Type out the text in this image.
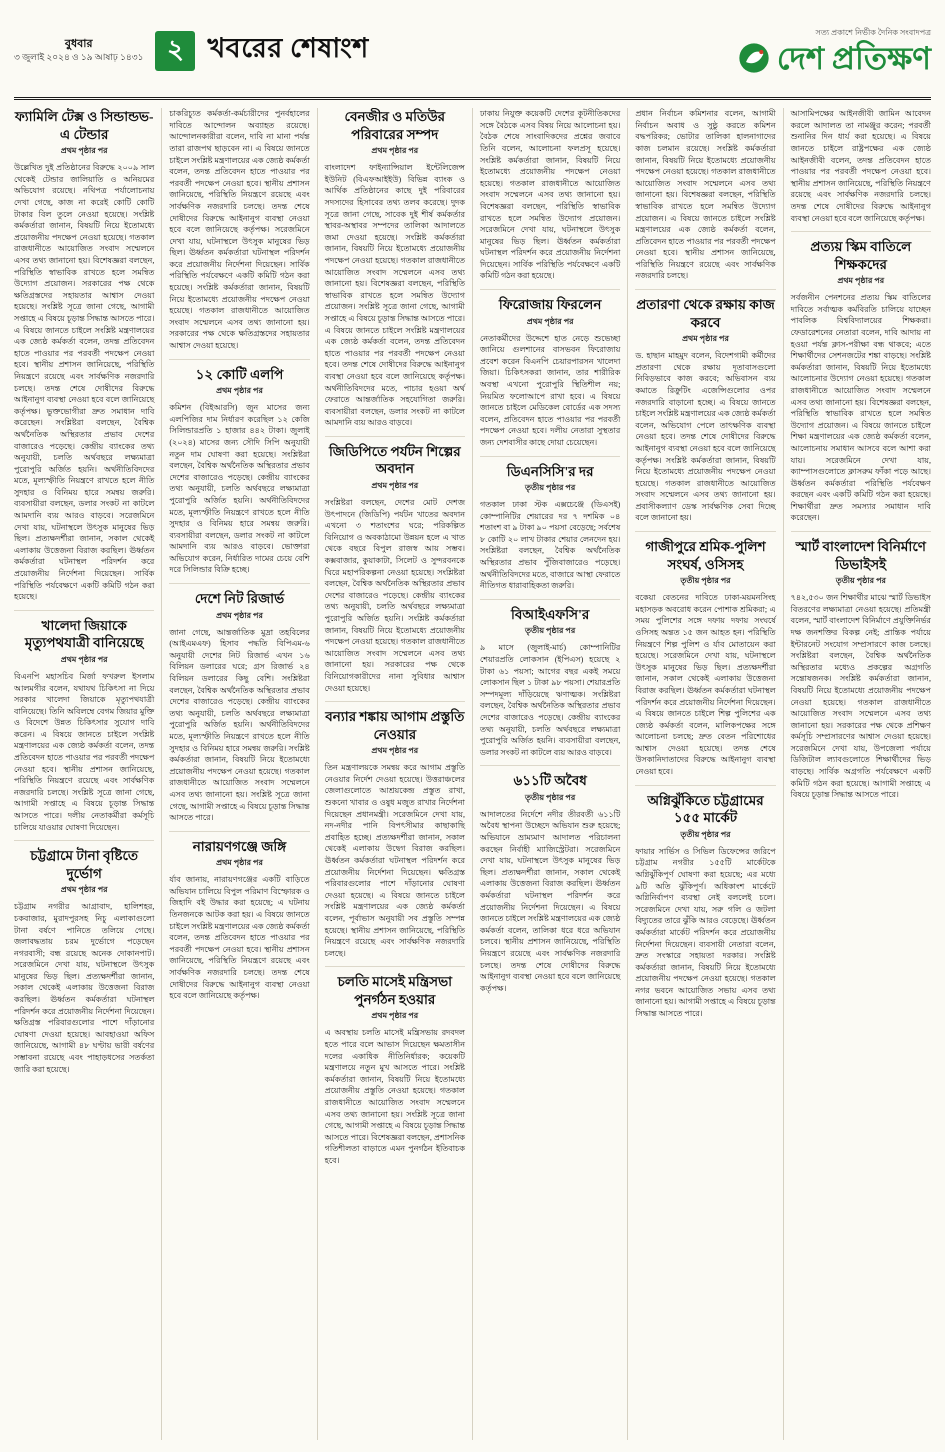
বুধবার
৩ জুলাই ২০২৪ ও ১৯ আষাঢ় ১৪৩১ ২ খবরের শেষাংশ
সত্য প্রকাশে নির্ভীক দৈনিক সংবাদপত্র
দেশ প্রতিক্ষণ
ফ্যামিলি টেক্স ও সিন্ডান্ডভ-এ টেন্ডার
প্রথম পৃষ্ঠার পর

উল্লেখিত দুই প্রতিষ্ঠানের বিরুদ্ধে ২০০৯ সাল থেকেই টেন্ডার জালিয়াতি ও অনিয়মের অভিযোগ রয়েছে। নথিপত্র পর্যালোচনায় দেখা গেছে, কাজ না করেই কোটি কোটি টাকার বিল তুলে নেওয়া হয়েছে। সংশ্লিষ্ট কর্মকর্তারা জানান, বিষয়টি নিয়ে ইতোমধ্যে প্রয়োজনীয় পদক্ষেপ নেওয়া হয়েছে। গতকাল রাজধানীতে আয়োজিত সংবাদ সম্মেলনে এসব তথ্য জানানো হয়। বিশেষজ্ঞরা বলছেন, পরিস্থিতি স্বাভাবিক রাখতে হলে সমন্বিত উদ্যোগ প্রয়োজন। সরকারের পক্ষ থেকে ক্ষতিগ্রস্তদের সহায়তার আশ্বাস দেওয়া হয়েছে। সংশ্লিষ্ট সূত্রে জানা গেছে, আগামী সপ্তাহে এ বিষয়ে চূড়ান্ত সিদ্ধান্ত আসতে পারে। এ বিষয়ে জানতে চাইলে সংশ্লিষ্ট মন্ত্রণালয়ের এক জ্যেষ্ঠ কর্মকর্তা বলেন, তদন্ত প্রতিবেদন হাতে পাওয়ার পর পরবর্তী পদক্ষেপ নেওয়া হবে। স্থানীয় প্রশাসন জানিয়েছে, পরিস্থিতি নিয়ন্ত্রণে রয়েছে এবং সার্বক্ষণিক নজরদারি চলছে। তদন্ত শেষে দোষীদের বিরুদ্ধে আইনানুগ ব্যবস্থা নেওয়া হবে বলে জানিয়েছে কর্তৃপক্ষ। ভুক্তভোগীরা দ্রুত সমাধান দাবি করেছেন। সংশ্লিষ্টরা বলছেন, বৈশ্বিক অর্থনৈতিক অস্থিরতার প্রভাব দেশের বাজারেও পড়েছে। কেন্দ্রীয় ব্যাংকের তথ্য অনুযায়ী, চলতি অর্থবছরে লক্ষ্যমাত্রা পুরোপুরি অর্জিত হয়নি। অর্থনীতিবিদদের মতে, মূল্যস্ফীতি নিয়ন্ত্রণে রাখতে হলে নীতি সুদহার ও বিনিময় হারে সমন্বয় জরুরি। ব্যবসায়ীরা বলছেন, ডলার সংকট না কাটলে আমদানি ব্যয় আরও বাড়বে। সরেজমিনে দেখা যায়, ঘটনাস্থলে উৎসুক মানুষের ভিড় ছিল। প্রত্যক্ষদর্শীরা জানান, সকাল থেকেই এলাকায় উত্তেজনা বিরাজ করছিল। ঊর্ধ্বতন কর্মকর্তারা ঘটনাস্থল পরিদর্শন করে প্রয়োজনীয় নির্দেশনা দিয়েছেন। সার্বিক পরিস্থিতি পর্যবেক্ষণে একটি কমিটি গঠন করা হয়েছে।

খালেদা জিয়াকে মৃত্যুপথযাত্রী বানিয়েছে
প্রথম পৃষ্ঠার পর

বিএনপি মহাসচিব মির্জা ফখরুল ইসলাম আলমগীর বলেন, যথাযথ চিকিৎসা না দিয়ে সরকার খালেদা জিয়াকে মৃত্যুপথযাত্রী বানিয়েছে। তিনি অবিলম্বে বেগম জিয়ার মুক্তি ও বিদেশে উন্নত চিকিৎসার সুযোগ দাবি করেন। এ বিষয়ে জানতে চাইলে সংশ্লিষ্ট মন্ত্রণালয়ের এক জ্যেষ্ঠ কর্মকর্তা বলেন, তদন্ত প্রতিবেদন হাতে পাওয়ার পর পরবর্তী পদক্ষেপ নেওয়া হবে। স্থানীয় প্রশাসন জানিয়েছে, পরিস্থিতি নিয়ন্ত্রণে রয়েছে এবং সার্বক্ষণিক নজরদারি চলছে। সংশ্লিষ্ট সূত্রে জানা গেছে, আগামী সপ্তাহে এ বিষয়ে চূড়ান্ত সিদ্ধান্ত আসতে পারে। দলীয় নেতাকর্মীরা কর্মসূচি চালিয়ে যাওয়ার ঘোষণা দিয়েছেন।

চট্টগ্রামে টানা বৃষ্টিতে দুর্ভোগ
প্রথম পৃষ্ঠার পর

চট্টগ্রাম নগরীর আগ্রাবাদ, হালিশহর, চকবাজার, মুরাদপুরসহ নিচু এলাকাগুলো টানা বর্ষণে পানিতে তলিয়ে গেছে। জলাবদ্ধতায় চরম দুর্ভোগে পড়েছেন নগরবাসী; বন্ধ রয়েছে অনেক দোকানপাট। সরেজমিনে দেখা যায়, ঘটনাস্থলে উৎসুক মানুষের ভিড় ছিল। প্রত্যক্ষদর্শীরা জানান, সকাল থেকেই এলাকায় উত্তেজনা বিরাজ করছিল। ঊর্ধ্বতন কর্মকর্তারা ঘটনাস্থল পরিদর্শন করে প্রয়োজনীয় নির্দেশনা দিয়েছেন। ক্ষতিগ্রস্ত পরিবারগুলোর পাশে দাঁড়ানোর ঘোষণা দেওয়া হয়েছে। আবহাওয়া অফিস জানিয়েছে, আগামী ৪৮ ঘণ্টায় ভারী বর্ষণের সম্ভাবনা রয়েছে এবং পাহাড়ধসের সতর্কতা জারি করা হয়েছে।

চাকরিচ্যুত কর্মকর্তা-কর্মচারীদের পুনর্বহালের দাবিতে আন্দোলন অব্যাহত রয়েছে। আন্দোলনকারীরা বলেন, দাবি না মানা পর্যন্ত তারা রাজপথ ছাড়বেন না। এ বিষয়ে জানতে চাইলে সংশ্লিষ্ট মন্ত্রণালয়ের এক জ্যেষ্ঠ কর্মকর্তা বলেন, তদন্ত প্রতিবেদন হাতে পাওয়ার পর পরবর্তী পদক্ষেপ নেওয়া হবে। স্থানীয় প্রশাসন জানিয়েছে, পরিস্থিতি নিয়ন্ত্রণে রয়েছে এবং সার্বক্ষণিক নজরদারি চলছে। তদন্ত শেষে দোষীদের বিরুদ্ধে আইনানুগ ব্যবস্থা নেওয়া হবে বলে জানিয়েছে কর্তৃপক্ষ। সরেজমিনে দেখা যায়, ঘটনাস্থলে উৎসুক মানুষের ভিড় ছিল। ঊর্ধ্বতন কর্মকর্তারা ঘটনাস্থল পরিদর্শন করে প্রয়োজনীয় নির্দেশনা দিয়েছেন। সার্বিক পরিস্থিতি পর্যবেক্ষণে একটি কমিটি গঠন করা হয়েছে। সংশ্লিষ্ট কর্মকর্তারা জানান, বিষয়টি নিয়ে ইতোমধ্যে প্রয়োজনীয় পদক্ষেপ নেওয়া হয়েছে। গতকাল রাজধানীতে আয়োজিত সংবাদ সম্মেলনে এসব তথ্য জানানো হয়। সরকারের পক্ষ থেকে ক্ষতিগ্রস্তদের সহায়তার আশ্বাস দেওয়া হয়েছে।

১২ কোটি এলপি
প্রথম পৃষ্ঠার পর

কমিশন (বিইআরসি) জুন মাসের জন্য এলপিজির দাম নির্ধারণ করেছিল ১২ কেজি সিলিন্ডারপ্রতি ১ হাজার ৪৪২ টাকা। জুলাই (২০২৪) মাসের জন্য সৌদি সিপি অনুযায়ী নতুন দাম ঘোষণা করা হয়েছে। সংশ্লিষ্টরা বলছেন, বৈশ্বিক অর্থনৈতিক অস্থিরতার প্রভাব দেশের বাজারেও পড়েছে। কেন্দ্রীয় ব্যাংকের তথ্য অনুযায়ী, চলতি অর্থবছরে লক্ষ্যমাত্রা পুরোপুরি অর্জিত হয়নি। অর্থনীতিবিদদের মতে, মূল্যস্ফীতি নিয়ন্ত্রণে রাখতে হলে নীতি সুদহার ও বিনিময় হারে সমন্বয় জরুরি। ব্যবসায়ীরা বলছেন, ডলার সংকট না কাটলে আমদানি ব্যয় আরও বাড়বে। ভোক্তারা অভিযোগ করেন, নির্ধারিত দামের চেয়ে বেশি দরে সিলিন্ডার বিক্রি হচ্ছে।

দেশে নিট রিজার্ভ
প্রথম পৃষ্ঠার পর

জানা গেছে, আন্তর্জাতিক মুদ্রা তহবিলের (আইএমএফ) হিসাব পদ্ধতি বিপিএম-৬ অনুযায়ী দেশের নিট রিজার্ভ এখন ১৬ বিলিয়ন ডলারের ঘরে; গ্রস রিজার্ভ ২৪ বিলিয়ন ডলারের কিছু বেশি। সংশ্লিষ্টরা বলছেন, বৈশ্বিক অর্থনৈতিক অস্থিরতার প্রভাব দেশের বাজারেও পড়েছে। কেন্দ্রীয় ব্যাংকের তথ্য অনুযায়ী, চলতি অর্থবছরে লক্ষ্যমাত্রা পুরোপুরি অর্জিত হয়নি। অর্থনীতিবিদদের মতে, মূল্যস্ফীতি নিয়ন্ত্রণে রাখতে হলে নীতি সুদহার ও বিনিময় হারে সমন্বয় জরুরি। সংশ্লিষ্ট কর্মকর্তারা জানান, বিষয়টি নিয়ে ইতোমধ্যে প্রয়োজনীয় পদক্ষেপ নেওয়া হয়েছে। গতকাল রাজধানীতে আয়োজিত সংবাদ সম্মেলনে এসব তথ্য জানানো হয়। সংশ্লিষ্ট সূত্রে জানা গেছে, আগামী সপ্তাহে এ বিষয়ে চূড়ান্ত সিদ্ধান্ত আসতে পারে।

নারায়ণগঞ্জে জঙ্গি
প্রথম পৃষ্ঠার পর

র্যাব জানায়, নারায়ণগঞ্জের একটি বাড়িতে অভিযান চালিয়ে বিপুল পরিমাণ বিস্ফোরক ও জিহাদি বই উদ্ধার করা হয়েছে; এ ঘটনায় তিনজনকে আটক করা হয়। এ বিষয়ে জানতে চাইলে সংশ্লিষ্ট মন্ত্রণালয়ের এক জ্যেষ্ঠ কর্মকর্তা বলেন, তদন্ত প্রতিবেদন হাতে পাওয়ার পর পরবর্তী পদক্ষেপ নেওয়া হবে। স্থানীয় প্রশাসন জানিয়েছে, পরিস্থিতি নিয়ন্ত্রণে রয়েছে এবং সার্বক্ষণিক নজরদারি চলছে। তদন্ত শেষে দোষীদের বিরুদ্ধে আইনানুগ ব্যবস্থা নেওয়া হবে বলে জানিয়েছে কর্তৃপক্ষ।

বেনজীর ও মতিউর পরিবারের সম্পদ
প্রথম পৃষ্ঠার পর

বাংলাদেশ ফাইন্যান্সিয়াল ইন্টেলিজেন্স ইউনিট (বিএফআইইউ) বিভিন্ন ব্যাংক ও আর্থিক প্রতিষ্ঠানের কাছে দুই পরিবারের সদস্যদের হিসাবের তথ্য তলব করেছে। দুদক সূত্রে জানা গেছে, সাবেক দুই শীর্ষ কর্মকর্তার স্থাবর-অস্থাবর সম্পদের তালিকা আদালতে জমা দেওয়া হয়েছে। সংশ্লিষ্ট কর্মকর্তারা জানান, বিষয়টি নিয়ে ইতোমধ্যে প্রয়োজনীয় পদক্ষেপ নেওয়া হয়েছে। গতকাল রাজধানীতে আয়োজিত সংবাদ সম্মেলনে এসব তথ্য জানানো হয়। বিশেষজ্ঞরা বলছেন, পরিস্থিতি স্বাভাবিক রাখতে হলে সমন্বিত উদ্যোগ প্রয়োজন। সংশ্লিষ্ট সূত্রে জানা গেছে, আগামী সপ্তাহে এ বিষয়ে চূড়ান্ত সিদ্ধান্ত আসতে পারে। এ বিষয়ে জানতে চাইলে সংশ্লিষ্ট মন্ত্রণালয়ের এক জ্যেষ্ঠ কর্মকর্তা বলেন, তদন্ত প্রতিবেদন হাতে পাওয়ার পর পরবর্তী পদক্ষেপ নেওয়া হবে। তদন্ত শেষে দোষীদের বিরুদ্ধে আইনানুগ ব্যবস্থা নেওয়া হবে বলে জানিয়েছে কর্তৃপক্ষ। অর্থনীতিবিদদের মতে, পাচার হওয়া অর্থ ফেরাতে আন্তর্জাতিক সহযোগিতা জরুরি। ব্যবসায়ীরা বলছেন, ডলার সংকট না কাটলে আমদানি ব্যয় আরও বাড়বে।

জিডিপিতে পর্যটন শিল্পের অবদান
প্রথম পৃষ্ঠার পর

সংশ্লিষ্টরা বলছেন, দেশের মোট দেশজ উৎপাদনে (জিডিপি) পর্যটন খাতের অবদান এখনো ৩ শতাংশের ঘরে; পরিকল্পিত বিনিয়োগ ও অবকাঠামো উন্নয়ন হলে এ খাত থেকে বছরে বিপুল রাজস্ব আয় সম্ভব। কক্সবাজার, কুয়াকাটা, সিলেট ও সুন্দরবনকে ঘিরে মহাপরিকল্পনা নেওয়া হয়েছে। সংশ্লিষ্টরা বলছেন, বৈশ্বিক অর্থনৈতিক অস্থিরতার প্রভাব দেশের বাজারেও পড়েছে। কেন্দ্রীয় ব্যাংকের তথ্য অনুযায়ী, চলতি অর্থবছরে লক্ষ্যমাত্রা পুরোপুরি অর্জিত হয়নি। সংশ্লিষ্ট কর্মকর্তারা জানান, বিষয়টি নিয়ে ইতোমধ্যে প্রয়োজনীয় পদক্ষেপ নেওয়া হয়েছে। গতকাল রাজধানীতে আয়োজিত সংবাদ সম্মেলনে এসব তথ্য জানানো হয়। সরকারের পক্ষ থেকে বিনিয়োগকারীদের নানা সুবিধার আশ্বাস দেওয়া হয়েছে।

বন্যার শঙ্কায় আগাম প্রস্তুতি নেওয়ার
প্রথম পৃষ্ঠার পর

তিন মন্ত্রণালয়কে সমন্বয় করে আগাম প্রস্তুতি নেওয়ার নির্দেশ দেওয়া হয়েছে। উত্তরাঞ্চলের জেলাগুলোতে আশ্রয়কেন্দ্র প্রস্তুত রাখা, শুকনো খাবার ও ওষুধ মজুত রাখার নির্দেশনা দিয়েছেন প্রধানমন্ত্রী। সরেজমিনে দেখা যায়, নদ-নদীর পানি বিপৎসীমার কাছাকাছি প্রবাহিত হচ্ছে। প্রত্যক্ষদর্শীরা জানান, সকাল থেকেই এলাকায় উদ্বেগ বিরাজ করছিল। ঊর্ধ্বতন কর্মকর্তারা ঘটনাস্থল পরিদর্শন করে প্রয়োজনীয় নির্দেশনা দিয়েছেন। ক্ষতিগ্রস্ত পরিবারগুলোর পাশে দাঁড়ানোর ঘোষণা দেওয়া হয়েছে। এ বিষয়ে জানতে চাইলে সংশ্লিষ্ট মন্ত্রণালয়ের এক জ্যেষ্ঠ কর্মকর্তা বলেন, পূর্বাভাস অনুযায়ী সব প্রস্তুতি সম্পন্ন হয়েছে। স্থানীয় প্রশাসন জানিয়েছে, পরিস্থিতি নিয়ন্ত্রণে রয়েছে এবং সার্বক্ষণিক নজরদারি চলছে।

চলতি মাসেই মন্ত্রিসভা পুনর্গঠন হওয়ার
প্রথম পৃষ্ঠার পর

এ অবস্থায় চলতি মাসেই মন্ত্রিসভায় রদবদল হতে পারে বলে আভাস দিয়েছেন ক্ষমতাসীন দলের একাধিক নীতিনির্ধারক; কয়েকটি মন্ত্রণালয়ে নতুন মুখ আসতে পারে। সংশ্লিষ্ট কর্মকর্তারা জানান, বিষয়টি নিয়ে ইতোমধ্যে প্রয়োজনীয় প্রস্তুতি নেওয়া হয়েছে। গতকাল রাজধানীতে আয়োজিত সংবাদ সম্মেলনে এসব তথ্য জানানো হয়। সংশ্লিষ্ট সূত্রে জানা গেছে, আগামী সপ্তাহে এ বিষয়ে চূড়ান্ত সিদ্ধান্ত আসতে পারে। বিশেষজ্ঞরা বলছেন, প্রশাসনিক গতিশীলতা বাড়াতে এমন পুনর্গঠন ইতিবাচক হবে।

ঢাকায় নিযুক্ত কয়েকটি দেশের কূটনীতিকদের সঙ্গে বৈঠকে এসব বিষয় নিয়ে আলোচনা হয়। বৈঠক শেষে সাংবাদিকদের প্রশ্নের জবাবে তিনি বলেন, আলোচনা ফলপ্রসূ হয়েছে। সংশ্লিষ্ট কর্মকর্তারা জানান, বিষয়টি নিয়ে ইতোমধ্যে প্রয়োজনীয় পদক্ষেপ নেওয়া হয়েছে। গতকাল রাজধানীতে আয়োজিত সংবাদ সম্মেলনে এসব তথ্য জানানো হয়। বিশেষজ্ঞরা বলছেন, পরিস্থিতি স্বাভাবিক রাখতে হলে সমন্বিত উদ্যোগ প্রয়োজন। সরেজমিনে দেখা যায়, ঘটনাস্থলে উৎসুক মানুষের ভিড় ছিল। ঊর্ধ্বতন কর্মকর্তারা ঘটনাস্থল পরিদর্শন করে প্রয়োজনীয় নির্দেশনা দিয়েছেন। সার্বিক পরিস্থিতি পর্যবেক্ষণে একটি কমিটি গঠন করা হয়েছে।

ফিরোজায় ফিরলেন
প্রথম পৃষ্ঠার পর

নেতাকর্মীদের উদ্দেশে হাত নেড়ে শুভেচ্ছা জানিয়ে গুলশানের বাসভবন ফিরোজায় প্রবেশ করেন বিএনপি চেয়ারপারসন খালেদা জিয়া। চিকিৎসকরা জানান, তার শারীরিক অবস্থা এখনো পুরোপুরি স্থিতিশীল নয়; নিয়মিত ফলোআপে রাখা হবে। এ বিষয়ে জানতে চাইলে মেডিকেল বোর্ডের এক সদস্য বলেন, প্রতিবেদন হাতে পাওয়ার পর পরবর্তী পদক্ষেপ নেওয়া হবে। দলীয় নেতারা সুস্থতার জন্য দেশবাসীর কাছে দোয়া চেয়েছেন।

ডিএনসিসি'র দর
তৃতীয় পৃষ্ঠার পর

গতকাল ঢাকা স্টক এক্সচেঞ্জে (ডিএসই) কোম্পানিটির শেয়ারের দর ৭ দশমিক ০৪ শতাংশ বা ৯ টাকা ৯০ পয়সা বেড়েছে; সর্বশেষ ৮ কোটি ২০ লাখ টাকার শেয়ার লেনদেন হয়। সংশ্লিষ্টরা বলছেন, বৈশ্বিক অর্থনৈতিক অস্থিরতার প্রভাব পুঁজিবাজারেও পড়েছে। অর্থনীতিবিদদের মতে, বাজারে আস্থা ফেরাতে নীতিগত ধারাবাহিকতা জরুরি।

বিআইএফসি'র
তৃতীয় পৃষ্ঠার পর

৯ মাসে (জুলাই-মার্চ) কোম্পানিটির শেয়ারপ্রতি লোকসান (ইপিএস) হয়েছে ২ টাকা ৬১ পয়সা; আগের বছর একই সময়ে লোকসান ছিল ১ টাকা ৯৮ পয়সা। শেয়ারপ্রতি সম্পদমূল্য দাঁড়িয়েছে ঋণাত্মক। সংশ্লিষ্টরা বলছেন, বৈশ্বিক অর্থনৈতিক অস্থিরতার প্রভাব দেশের বাজারেও পড়েছে। কেন্দ্রীয় ব্যাংকের তথ্য অনুযায়ী, চলতি অর্থবছরে লক্ষ্যমাত্রা পুরোপুরি অর্জিত হয়নি। ব্যবসায়ীরা বলছেন, ডলার সংকট না কাটলে ব্যয় আরও বাড়বে।

৬১১টি অবৈধ
তৃতীয় পৃষ্ঠার পর

আদালতের নির্দেশে নদীর তীরবর্তী ৬১১টি অবৈধ স্থাপনা উচ্ছেদে অভিযান শুরু হয়েছে; অভিযানে ভ্রাম্যমাণ আদালত পরিচালনা করছেন নির্বাহী ম্যাজিস্ট্রেটরা। সরেজমিনে দেখা যায়, ঘটনাস্থলে উৎসুক মানুষের ভিড় ছিল। প্রত্যক্ষদর্শীরা জানান, সকাল থেকেই এলাকায় উত্তেজনা বিরাজ করছিল। ঊর্ধ্বতন কর্মকর্তারা ঘটনাস্থল পরিদর্শন করে প্রয়োজনীয় নির্দেশনা দিয়েছেন। এ বিষয়ে জানতে চাইলে সংশ্লিষ্ট মন্ত্রণালয়ের এক জ্যেষ্ঠ কর্মকর্তা বলেন, তালিকা ধরে ধরে অভিযান চলবে। স্থানীয় প্রশাসন জানিয়েছে, পরিস্থিতি নিয়ন্ত্রণে রয়েছে এবং সার্বক্ষণিক নজরদারি চলছে। তদন্ত শেষে দোষীদের বিরুদ্ধে আইনানুগ ব্যবস্থা নেওয়া হবে বলে জানিয়েছে কর্তৃপক্ষ।

প্রধান নির্বাচন কমিশনার বলেন, আগামী নির্বাচন অবাধ ও সুষ্ঠু করতে কমিশন বদ্ধপরিকর; ভোটার তালিকা হালনাগাদের কাজ চলমান রয়েছে। সংশ্লিষ্ট কর্মকর্তারা জানান, বিষয়টি নিয়ে ইতোমধ্যে প্রয়োজনীয় পদক্ষেপ নেওয়া হয়েছে। গতকাল রাজধানীতে আয়োজিত সংবাদ সম্মেলনে এসব তথ্য জানানো হয়। বিশেষজ্ঞরা বলছেন, পরিস্থিতি স্বাভাবিক রাখতে হলে সমন্বিত উদ্যোগ প্রয়োজন। এ বিষয়ে জানতে চাইলে সংশ্লিষ্ট মন্ত্রণালয়ের এক জ্যেষ্ঠ কর্মকর্তা বলেন, প্রতিবেদন হাতে পাওয়ার পর পরবর্তী পদক্ষেপ নেওয়া হবে। স্থানীয় প্রশাসন জানিয়েছে, পরিস্থিতি নিয়ন্ত্রণে রয়েছে এবং সার্বক্ষণিক নজরদারি চলছে।

প্রতারণা থেকে রক্ষায় কাজ করবে
প্রথম পৃষ্ঠার পর

ড. হাছান মাহমুদ বলেন, বিদেশগামী কর্মীদের প্রতারণা থেকে রক্ষায় দূতাবাসগুলো নিবিড়ভাবে কাজ করবে; অভিবাসন ব্যয় কমাতে রিক্রুটিং এজেন্সিগুলোর ওপর নজরদারি বাড়ানো হচ্ছে। এ বিষয়ে জানতে চাইলে সংশ্লিষ্ট মন্ত্রণালয়ের এক জ্যেষ্ঠ কর্মকর্তা বলেন, অভিযোগ পেলে তাৎক্ষণিক ব্যবস্থা নেওয়া হবে। তদন্ত শেষে দোষীদের বিরুদ্ধে আইনানুগ ব্যবস্থা নেওয়া হবে বলে জানিয়েছে কর্তৃপক্ষ। সংশ্লিষ্ট কর্মকর্তারা জানান, বিষয়টি নিয়ে ইতোমধ্যে প্রয়োজনীয় পদক্ষেপ নেওয়া হয়েছে। গতকাল রাজধানীতে আয়োজিত সংবাদ সম্মেলনে এসব তথ্য জানানো হয়। প্রবাসীকল্যাণ ডেস্ক সার্বক্ষণিক সেবা দিচ্ছে বলে জানানো হয়।

গাজীপুরে শ্রমিক-পুলিশ সংঘর্ষ, ওসিসহ
তৃতীয় পৃষ্ঠার পর

বকেয়া বেতনের দাবিতে ঢাকা-ময়মনসিংহ মহাসড়ক অবরোধ করেন পোশাক শ্রমিকরা; এ সময় পুলিশের সঙ্গে দফায় দফায় সংঘর্ষে ওসিসহ অন্তত ১৫ জন আহত হন। পরিস্থিতি নিয়ন্ত্রণে শিল্প পুলিশ ও র্যাব মোতায়েন করা হয়েছে। সরেজমিনে দেখা যায়, ঘটনাস্থলে উৎসুক মানুষের ভিড় ছিল। প্রত্যক্ষদর্শীরা জানান, সকাল থেকেই এলাকায় উত্তেজনা বিরাজ করছিল। ঊর্ধ্বতন কর্মকর্তারা ঘটনাস্থল পরিদর্শন করে প্রয়োজনীয় নির্দেশনা দিয়েছেন। এ বিষয়ে জানতে চাইলে শিল্প পুলিশের এক জ্যেষ্ঠ কর্মকর্তা বলেন, মালিকপক্ষের সঙ্গে আলোচনা চলছে; দ্রুত বেতন পরিশোধের আশ্বাস দেওয়া হয়েছে। তদন্ত শেষে উসকানিদাতাদের বিরুদ্ধে আইনানুগ ব্যবস্থা নেওয়া হবে।

অগ্নিঝুঁকিতে চট্টগ্রামের ১৫৫ মার্কেট
তৃতীয় পৃষ্ঠার পর

ফায়ার সার্ভিস ও সিভিল ডিফেন্সের জরিপে চট্টগ্রাম নগরীর ১৫৫টি মার্কেটকে অগ্নিঝুঁকিপূর্ণ ঘোষণা করা হয়েছে; এর মধ্যে ৯টি অতি ঝুঁকিপূর্ণ। অধিকাংশ মার্কেটে অগ্নিনির্বাপণ ব্যবস্থা নেই বললেই চলে। সরেজমিনে দেখা যায়, সরু গলি ও জটলা বিদ্যুতের তারে ঝুঁকি আরও বেড়েছে। ঊর্ধ্বতন কর্মকর্তারা মার্কেট পরিদর্শন করে প্রয়োজনীয় নির্দেশনা দিয়েছেন। ব্যবসায়ী নেতারা বলেন, দ্রুত সংস্কারে সহায়তা দরকার। সংশ্লিষ্ট কর্মকর্তারা জানান, বিষয়টি নিয়ে ইতোমধ্যে প্রয়োজনীয় পদক্ষেপ নেওয়া হয়েছে। গতকাল নগর ভবনে আয়োজিত সভায় এসব তথ্য জানানো হয়। আগামী সপ্তাহে এ বিষয়ে চূড়ান্ত সিদ্ধান্ত আসতে পারে।

আসামিপক্ষের আইনজীবী জামিন আবেদন করলে আদালত তা নামঞ্জুর করেন; পরবর্তী শুনানির দিন ধার্য করা হয়েছে। এ বিষয়ে জানতে চাইলে রাষ্ট্রপক্ষের এক জ্যেষ্ঠ আইনজীবী বলেন, তদন্ত প্রতিবেদন হাতে পাওয়ার পর পরবর্তী পদক্ষেপ নেওয়া হবে। স্থানীয় প্রশাসন জানিয়েছে, পরিস্থিতি নিয়ন্ত্রণে রয়েছে এবং সার্বক্ষণিক নজরদারি চলছে। তদন্ত শেষে দোষীদের বিরুদ্ধে আইনানুগ ব্যবস্থা নেওয়া হবে বলে জানিয়েছে কর্তৃপক্ষ।

প্রত্যয় স্কিম বাতিলে শিক্ষকদের
প্রথম পৃষ্ঠার পর

সর্বজনীন পেনশনের প্রত্যয় স্কিম বাতিলের দাবিতে সর্বাত্মক কর্মবিরতি চালিয়ে যাচ্ছেন পাবলিক বিশ্ববিদ্যালয়ের শিক্ষকরা। ফেডারেশনের নেতারা বলেন, দাবি আদায় না হওয়া পর্যন্ত ক্লাস-পরীক্ষা বন্ধ থাকবে; এতে শিক্ষার্থীদের সেশনজটের শঙ্কা বাড়ছে। সংশ্লিষ্ট কর্মকর্তারা জানান, বিষয়টি নিয়ে ইতোমধ্যে আলোচনার উদ্যোগ নেওয়া হয়েছে। গতকাল রাজধানীতে আয়োজিত সংবাদ সম্মেলনে এসব তথ্য জানানো হয়। বিশেষজ্ঞরা বলছেন, পরিস্থিতি স্বাভাবিক রাখতে হলে সমন্বিত উদ্যোগ প্রয়োজন। এ বিষয়ে জানতে চাইলে শিক্ষা মন্ত্রণালয়ের এক জ্যেষ্ঠ কর্মকর্তা বলেন, আলোচনায় সমাধান আসবে বলে আশা করা যায়। সরেজমিনে দেখা যায়, ক্যাম্পাসগুলোতে ক্লাসরুম ফাঁকা পড়ে আছে। ঊর্ধ্বতন কর্মকর্তারা পরিস্থিতি পর্যবেক্ষণ করছেন এবং একটি কমিটি গঠন করা হয়েছে। শিক্ষার্থীরা দ্রুত সমস্যার সমাধান দাবি করেছেন।

স্মার্ট বাংলাদেশ বিনির্মাণে ডিভাইসই
তৃতীয় পৃষ্ঠার পর

৭৪২,৫৩০ জন শিক্ষার্থীর মাঝে স্মার্ট ডিভাইস বিতরণের লক্ষ্যমাত্রা নেওয়া হয়েছে। প্রতিমন্ত্রী বলেন, স্মার্ট বাংলাদেশ বিনির্মাণে প্রযুক্তিনির্ভর দক্ষ জনশক্তির বিকল্প নেই; প্রান্তিক পর্যায়ে ইন্টারনেট সংযোগ সম্প্রসারণে কাজ চলছে। সংশ্লিষ্টরা বলছেন, বৈশ্বিক অর্থনৈতিক অস্থিরতার মধ্যেও প্রকল্পের অগ্রগতি সন্তোষজনক। সংশ্লিষ্ট কর্মকর্তারা জানান, বিষয়টি নিয়ে ইতোমধ্যে প্রয়োজনীয় পদক্ষেপ নেওয়া হয়েছে। গতকাল রাজধানীতে আয়োজিত সংবাদ সম্মেলনে এসব তথ্য জানানো হয়। সরকারের পক্ষ থেকে প্রশিক্ষণ কর্মসূচি সম্প্রসারণের আশ্বাস দেওয়া হয়েছে। সরেজমিনে দেখা যায়, উপজেলা পর্যায়ে ডিজিটাল ল্যাবগুলোতে শিক্ষার্থীদের ভিড় বাড়ছে। সার্বিক অগ্রগতি পর্যবেক্ষণে একটি কমিটি গঠন করা হয়েছে। আগামী সপ্তাহে এ বিষয়ে চূড়ান্ত সিদ্ধান্ত আসতে পারে।
